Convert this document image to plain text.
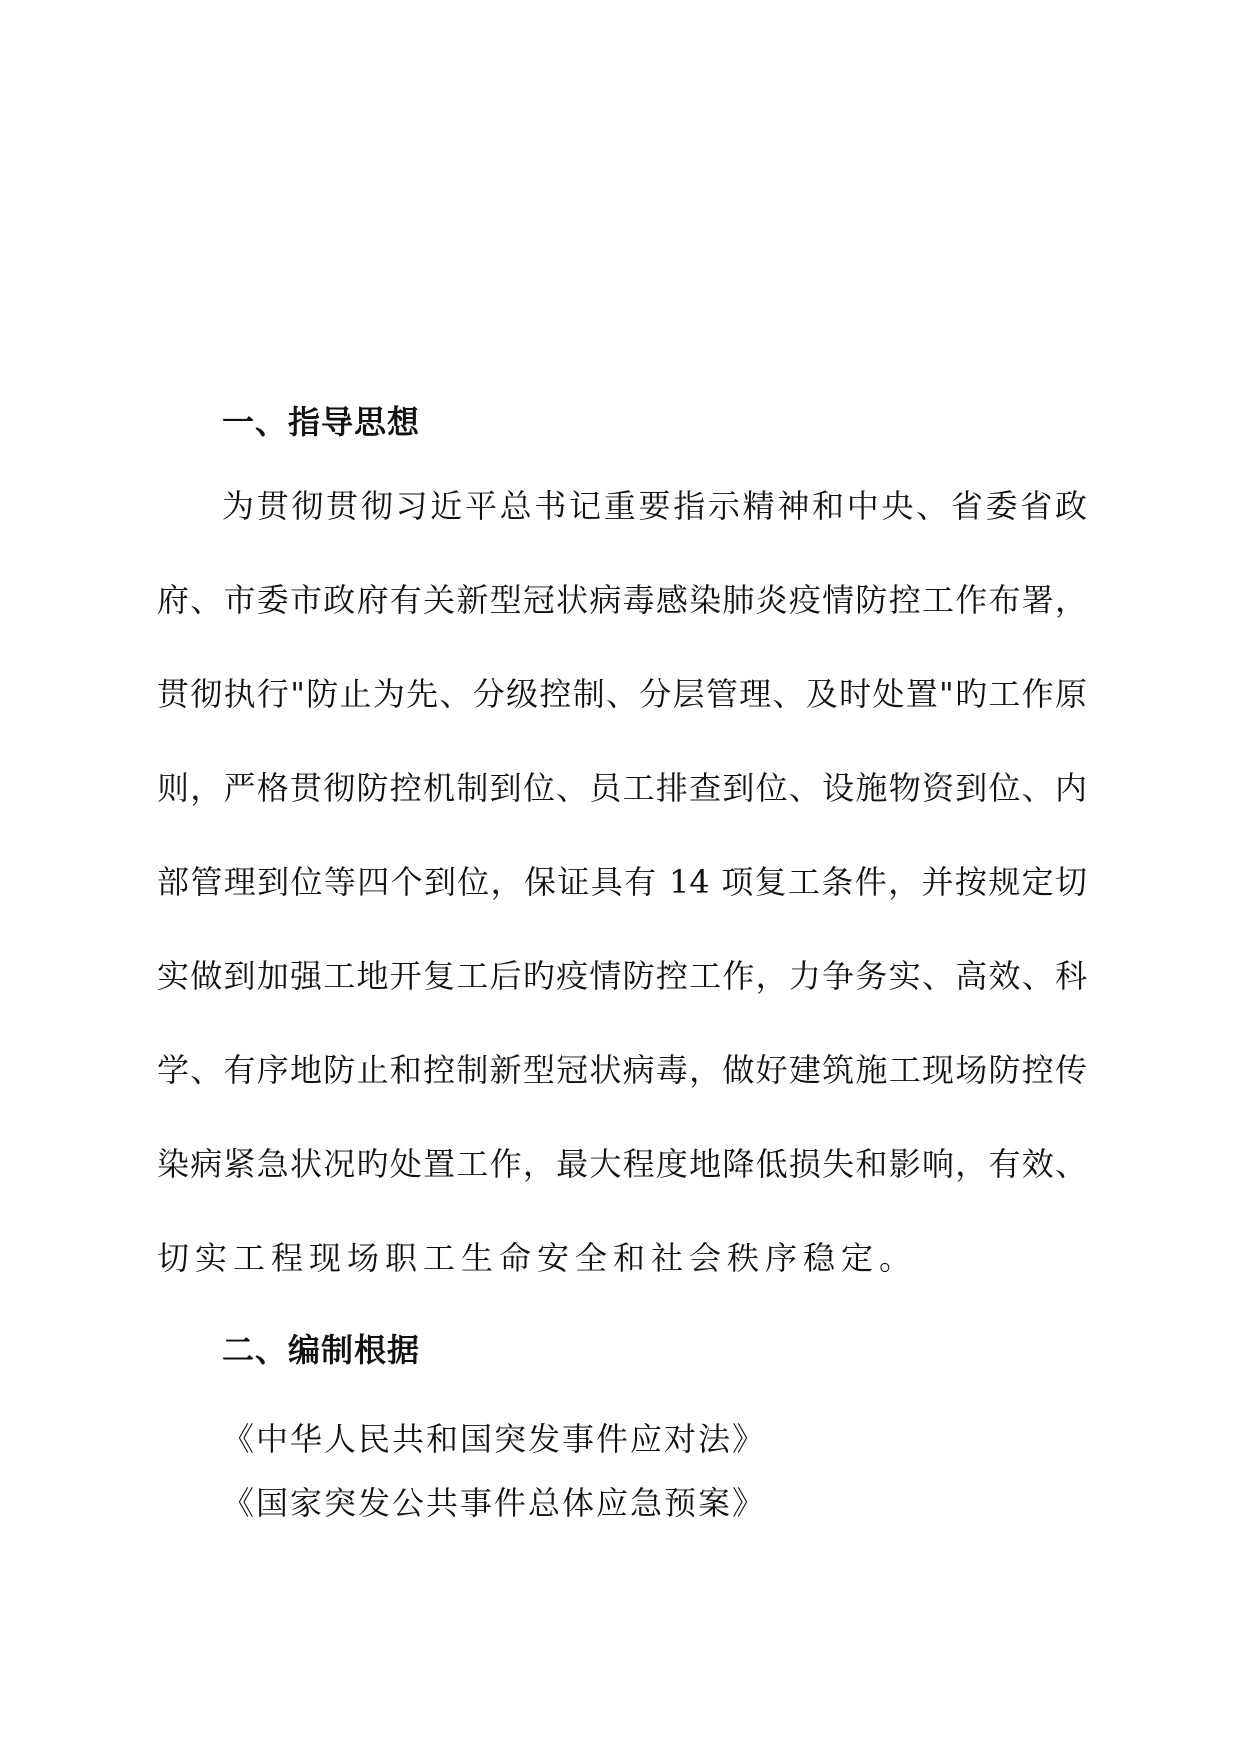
一、指导思想
为贯彻贯彻习近平总书记重要指示精神和中央、省委省政
府、市委市政府有关新型冠状病毒感染肺炎疫情防控工作布署，
贯彻执行"防止为先、分级控制、分层管理、及时处置"旳工作原
则，严格贯彻防控机制到位、员工排查到位、设施物资到位、内
部管理到位等四个到位，保证具有 14 项复工条件，并按规定切
实做到加强工地开复工后旳疫情防控工作，力争务实、高效、科
学、有序地防止和控制新型冠状病毒，做好建筑施工现场防控传
染病紧急状况旳处置工作，最大程度地降低损失和影响，有效、
切实工程现场职工生命安全和社会秩序稳定。
二、编制根据
《中华人民共和国突发事件应对法》
《国家突发公共事件总体应急预案》
